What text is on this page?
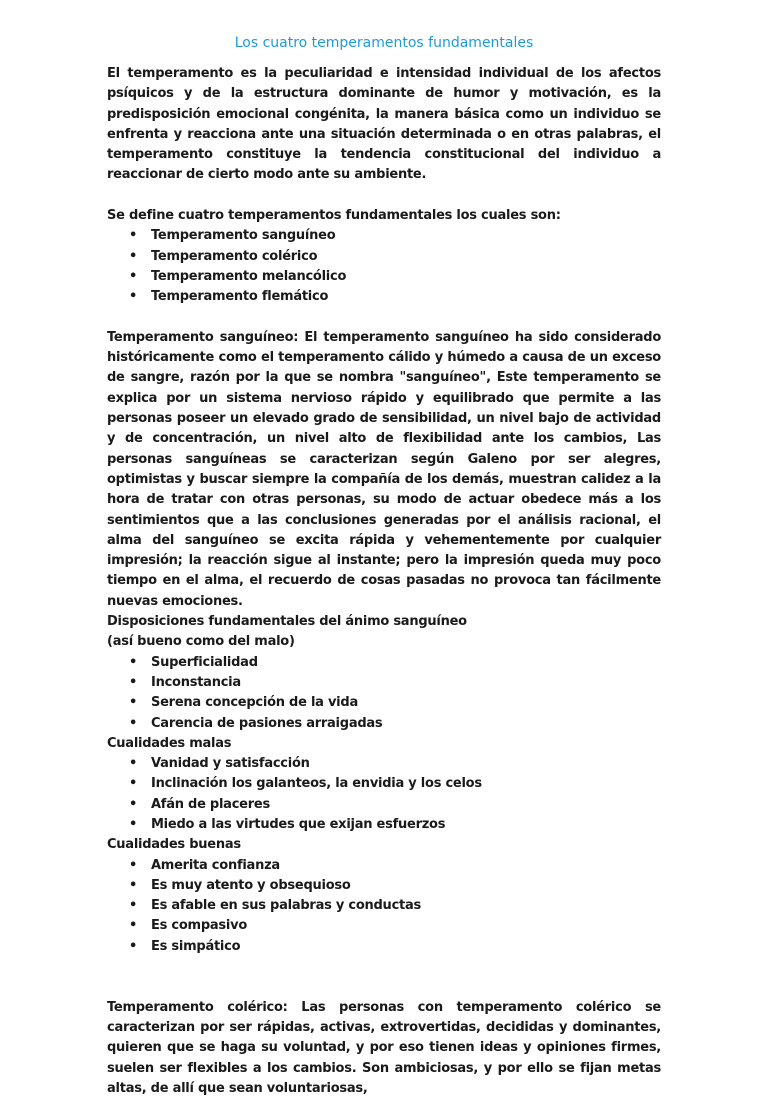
Los cuatro temperamentos fundamentales

El temperamento es la peculiaridad e intensidad individual de los afectos psíquicos y de la estructura dominante de humor y motivación, es la predisposición emocional congénita, la manera básica como un individuo se enfrenta y reacciona ante una situación determinada o en otras palabras, el temperamento constituye la tendencia constitucional del individuo a reaccionar de cierto modo ante su ambiente.

Se define cuatro temperamentos fundamentales los cuales son:

• Temperamento sanguíneo
• Temperamento colérico
• Temperamento melancólico
• Temperamento flemático

Temperamento sanguíneo: El temperamento sanguíneo ha sido considerado históricamente como el temperamento cálido y húmedo a causa de un exceso de sangre, razón por la que se nombra "sanguíneo", Este temperamento se explica por un sistema nervioso rápido y equilibrado que permite a las personas poseer un elevado grado de sensibilidad, un nivel bajo de actividad y de concentración, un nivel alto de flexibilidad ante los cambios, Las personas sanguíneas se caracterizan según Galeno por ser alegres, optimistas y buscar siempre la compañía de los demás, muestran calidez a la hora de tratar con otras personas, su modo de actuar obedece más a los sentimientos que a las conclusiones generadas por el análisis racional, el alma del sanguíneo se excita rápida y vehementemente por cualquier impresión; la reacción sigue al instante; pero la impresión queda muy poco tiempo en el alma, el recuerdo de cosas pasadas no provoca tan fácilmente nuevas emociones.

Disposiciones fundamentales del ánimo sanguíneo

(así bueno como del malo)

• Superficialidad
• Inconstancia
• Serena concepción de la vida
• Carencia de pasiones arraigadas

Cualidades malas

• Vanidad y satisfacción
• Inclinación los galanteos, la envidia y los celos
• Afán de placeres
• Miedo a las virtudes que exijan esfuerzos

Cualidades buenas

• Amerita confianza
• Es muy atento y obsequioso
• Es afable en sus palabras y conductas
• Es compasivo
• Es simpático

Temperamento colérico: Las personas con temperamento colérico se caracterizan por ser rápidas, activas, extrovertidas, decididas y dominantes, quieren que se haga su voluntad, y por eso tienen ideas y opiniones firmes, suelen ser flexibles a los cambios. Son ambiciosas, y por ello se fijan metas altas, de allí que sean voluntariosas,
